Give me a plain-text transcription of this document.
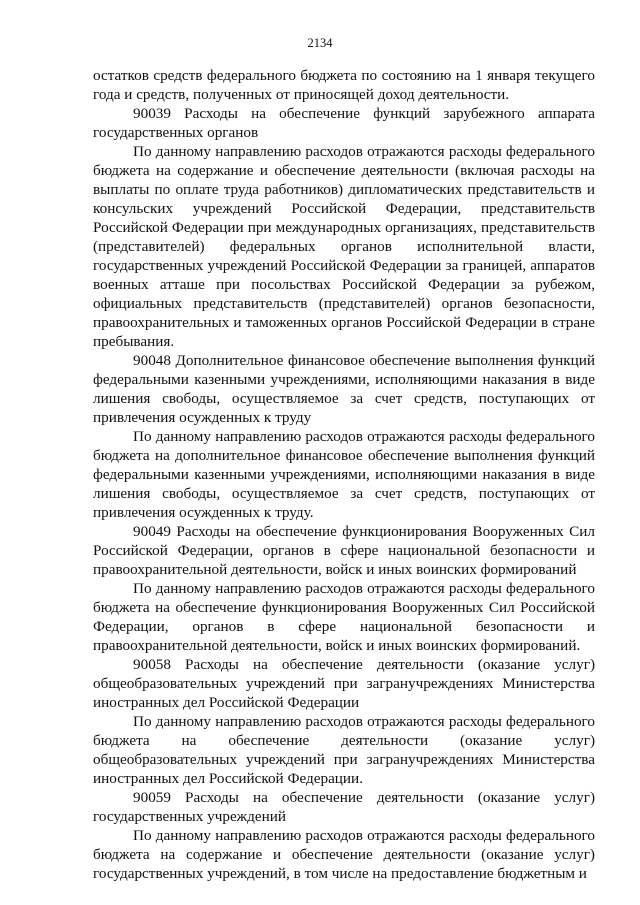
2134

остатков средств федерального бюджета по состоянию на 1 января текущего года и средств, полученных от приносящей доход деятельности.

90039 Расходы на обеспечение функций зарубежного аппарата государственных органов

По данному направлению расходов отражаются расходы федерального бюджета на содержание и обеспечение деятельности (включая расходы на выплаты по оплате труда работников) дипломатических представительств и консульских учреждений Российской Федерации, представительств Российской Федерации при международных организациях, представительств (представителей) федеральных органов исполнительной власти, государственных учреждений Российской Федерации за границей, аппаратов военных атташе при посольствах Российской Федерации за рубежом, официальных представительств (представителей) органов безопасности, правоохранительных и таможенных органов Российской Федерации в стране пребывания.

90048 Дополнительное финансовое обеспечение выполнения функций федеральными казенными учреждениями, исполняющими наказания в виде лишения свободы, осуществляемое за счет средств, поступающих от привлечения осужденных к труду

По данному направлению расходов отражаются расходы федерального бюджета на дополнительное финансовое обеспечение выполнения функций федеральными казенными учреждениями, исполняющими наказания в виде лишения свободы, осуществляемое за счет средств, поступающих от привлечения осужденных к труду.

90049 Расходы на обеспечение функционирования Вооруженных Сил Российской Федерации, органов в сфере национальной безопасности и правоохранительной деятельности, войск и иных воинских формирований

По данному направлению расходов отражаются расходы федерального бюджета на обеспечение функционирования Вооруженных Сил Российской Федерации, органов в сфере национальной безопасности и правоохранительной деятельности, войск и иных воинских формирований.

90058 Расходы на обеспечение деятельности (оказание услуг) общеобразовательных учреждений при загранучреждениях Министерства иностранных дел Российской Федерации

По данному направлению расходов отражаются расходы федерального бюджета на обеспечение деятельности (оказание услуг) общеобразовательных учреждений при загранучреждениях Министерства иностранных дел Российской Федерации.

90059 Расходы на обеспечение деятельности (оказание услуг) государственных учреждений

По данному направлению расходов отражаются расходы федерального бюджета на содержание и обеспечение деятельности (оказание услуг) государственных учреждений, в том числе на предоставление бюджетным и
